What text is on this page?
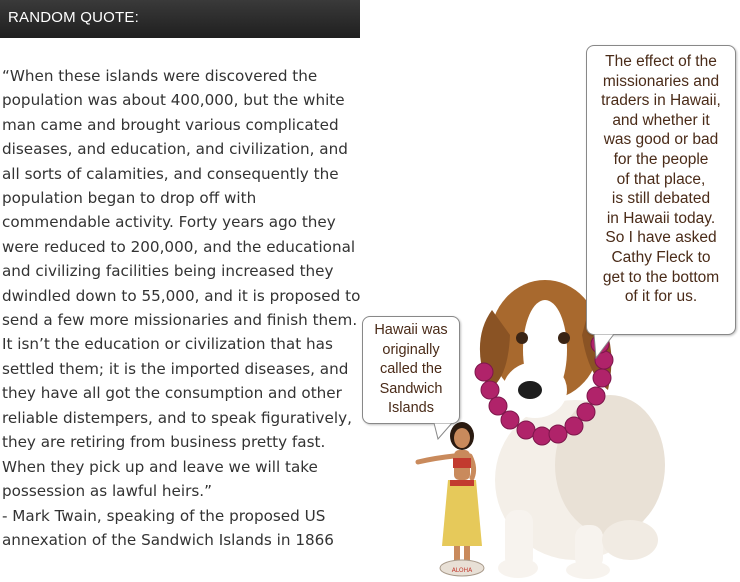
RANDOM QUOTE:

“When these islands were discovered the population was about 400,000, but the white man came and brought various complicated diseases, and education, and civilization, and all sorts of calamities, and consequently the population began to drop off with commendable activity. Forty years ago they were reduced to 200,000, and the educational and civilizing facilities being increased they dwindled down to 55,000, and it is proposed to send a few more missionaries and finish them. It isn’t the education or civilization that has settled them; it is the imported diseases, and they have all got the consumption and other reliable distempers, and to speak figuratively, they are retiring from business pretty fast. When they pick up and leave we will take possession as lawful heirs.”

- Mark Twain, speaking of the proposed US annexation of the Sandwich Islands in 1866

ALOHA
Hawaii was
originally
called the
Sandwich
Islands
The effect of the
missionaries and
traders in Hawaii,
and whether it
was good or bad
for the people
of that place,
is still debated
in Hawaii today.
So I have asked
Cathy Fleck to
get to the bottom
of it for us.
